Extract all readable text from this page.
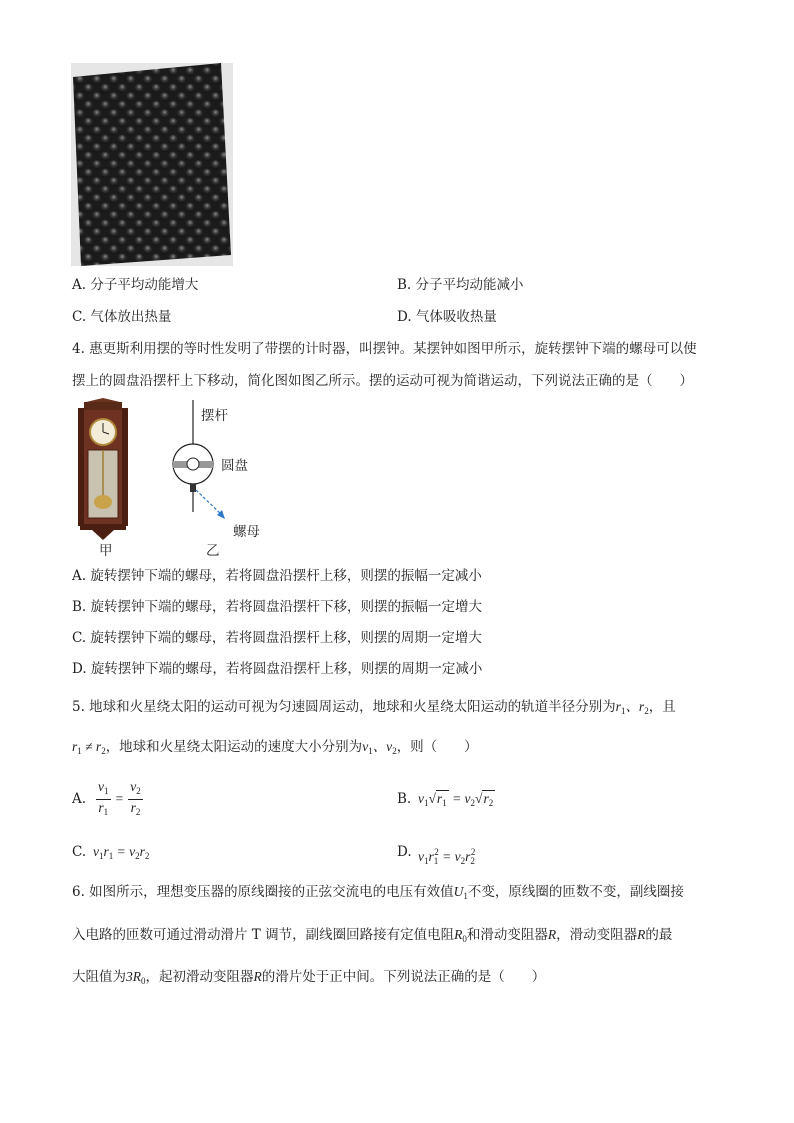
A. 分子平均动能增大	B. 分子平均动能减小
C. 气体放出热量	D. 气体吸收热量
4. 惠更斯利用摆的等时性发明了带摆的计时器，叫摆钟。某摆钟如图甲所示，旋转摆钟下端的螺母可以使
摆上的圆盘沿摆杆上下移动，简化图如图乙所示。摆的运动可视为简谐运动，下列说法正确的是（　　）
甲
摆杆
圆盘
螺母
乙
A. 旋转摆钟下端的螺母，若将圆盘沿摆杆上移，则摆的振幅一定减小
B. 旋转摆钟下端的螺母，若将圆盘沿摆杆下移，则摆的振幅一定增大
C. 旋转摆钟下端的螺母，若将圆盘沿摆杆上移，则摆的周期一定增大
D. 旋转摆钟下端的螺母，若将圆盘沿摆杆上移，则摆的周期一定减小
5. 地球和火星绕太阳的运动可视为匀速圆周运动，地球和火星绕太阳运动的轨道半径分别为$r_1$、$r_2$，且
$r_1 \ne r_2$，地球和火星绕太阳运动的速度大小分别为$v_1$、$v_2$，则（　　）
A. $\frac{v_1}{r_1} = \frac{v_2}{r_2}$	B. $v_1√r_1 = v_2√r_2$
C. $v_1r_1 = v_2r_2$	D. $v_1r_1^2 = v_2r_2^2$
6. 如图所示，理想变压器的原线圈接的正弦交流电的电压有效值$U_1$不变，原线圈的匝数不变，副线圈接
入电路的匝数可通过滑动滑片 T 调节，副线圈回路接有定值电阻$R_0$和滑动变阻器R，滑动变阻器R的最
大阻值为$3R_0$，起初滑动变阻器R的滑片处于正中间。下列说法正确的是（　　）
